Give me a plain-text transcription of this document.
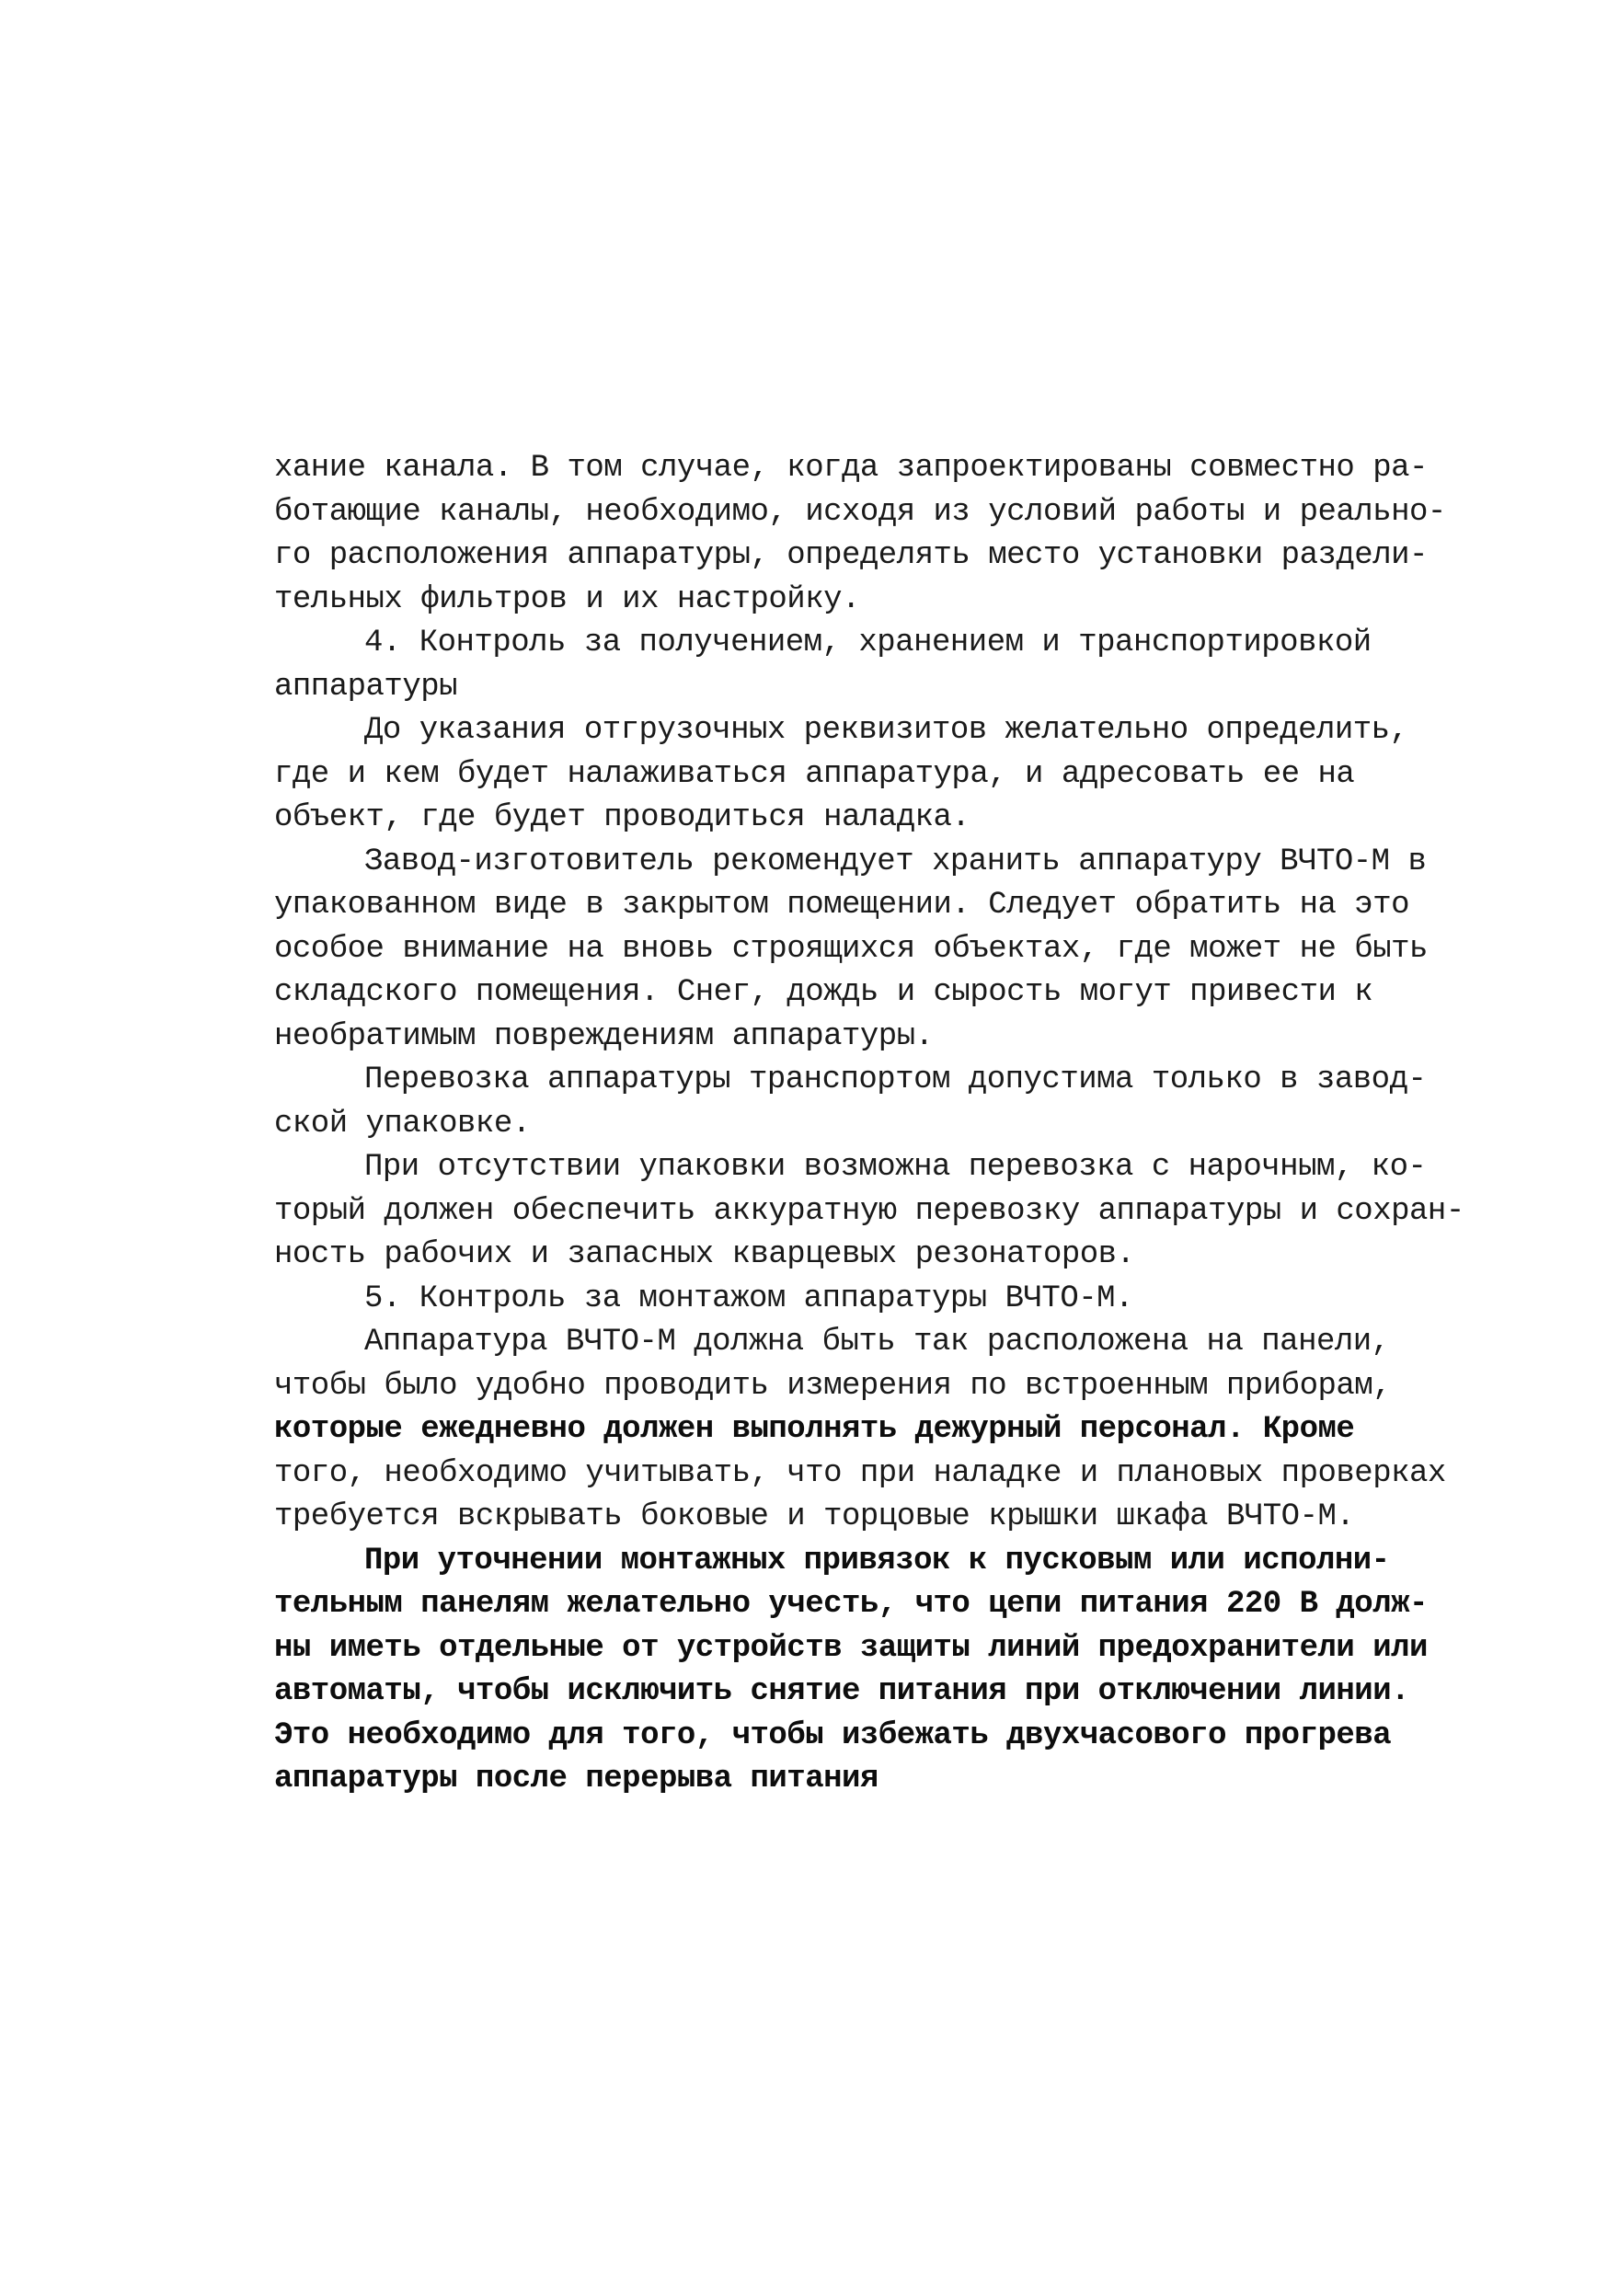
хание канала. В том случае, когда запроектированы совместно ра-
ботающие каналы, необходимо, исходя из условий работы и реально-
го расположения аппаратуры, определять место установки раздели-
тельных фильтров и их настройку.
4. Контроль за получением, хранением и транспортировкой
аппаратуры
До указания отгрузочных реквизитов желательно определить,
где и кем будет налаживаться аппаратура, и адресовать ее на
объект, где будет проводиться наладка.
Завод-изготовитель рекомендует хранить аппаратуру ВЧТО-М в
упакованном виде в закрытом помещении. Следует обратить на это
особое внимание на вновь строящихся объектах, где может не быть
складского помещения. Снег, дождь и сырость могут привести к
необратимым повреждениям аппаратуры.
Перевозка аппаратуры транспортом допустима только в завод-
ской упаковке.
При отсутствии упаковки возможна перевозка с нарочным, ко-
торый должен обеспечить аккуратную перевозку аппаратуры и сохран-
ность рабочих и запасных кварцевых резонаторов.
5. Контроль за монтажом аппаратуры ВЧТО-М.
Аппаратура ВЧТО-М должна быть так расположена на панели,
чтобы было удобно проводить измерения по встроенным приборам,
которые ежедневно должен выполнять дежурный персонал. Кроме
того, необходимо учитывать, что при наладке и плановых проверках
требуется вскрывать боковые и торцовые крышки шкафа ВЧТО-М.
При уточнении монтажных привязок к пусковым или исполни-
тельным панелям желательно учесть, что цепи питания 220 В долж-
ны иметь отдельные от устройств защиты линий предохранители или
автоматы, чтобы исключить снятие питания при отключении линии.
Это необходимо для того, чтобы избежать двухчасового прогрева
аппаратуры после перерыва питания
